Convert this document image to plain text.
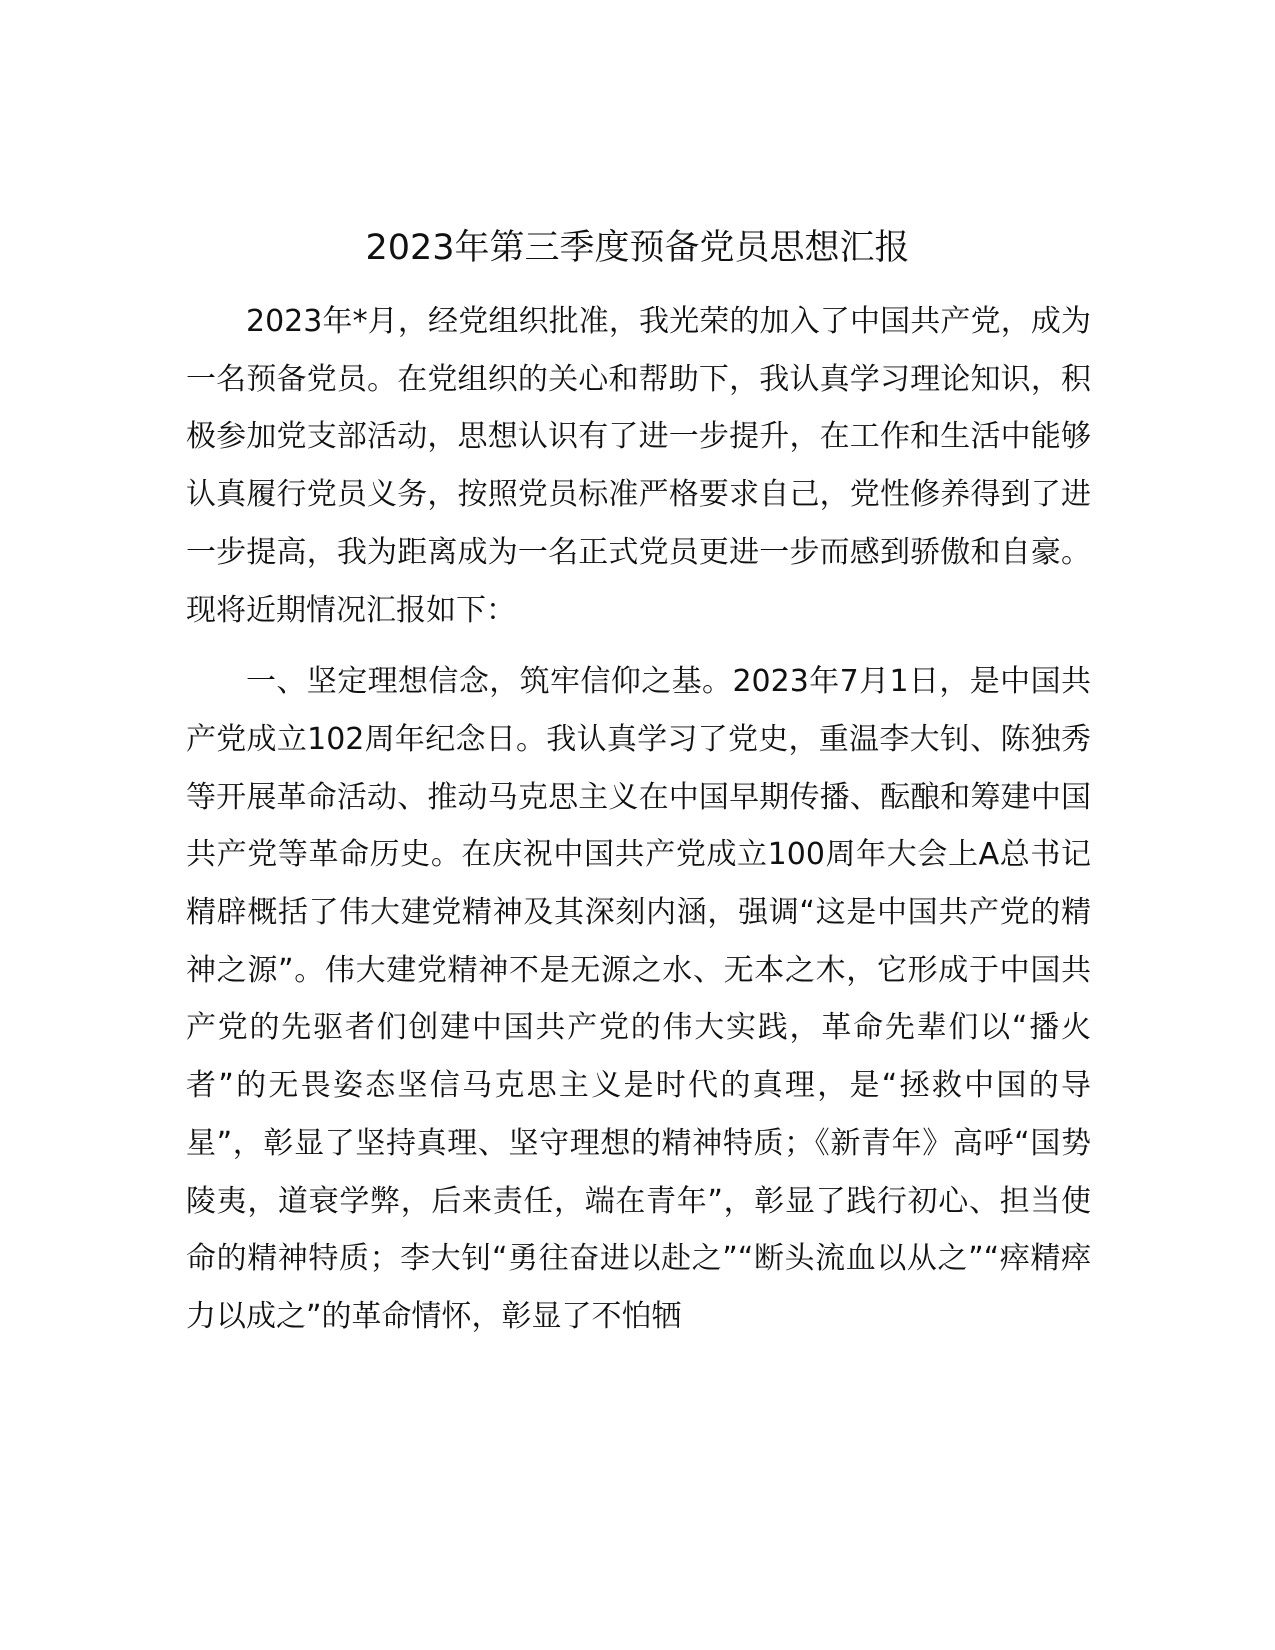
2023年第三季度预备党员思想汇报

2023年*月，经党组织批准，我光荣的加入了中国共产党，成为一名预备党员。在党组织的关心和帮助下，我认真学习理论知识，积极参加党支部活动，思想认识有了进一步提升，在工作和生活中能够认真履行党员义务，按照党员标准严格要求自己，党性修养得到了进一步提高，我为距离成为一名正式党员更进一步而感到骄傲和自豪。现将近期情况汇报如下：

一、坚定理想信念，筑牢信仰之基。2023年7月1日，是中国共产党成立102周年纪念日。我认真学习了党史，重温李大钊、陈独秀等开展革命活动、推动马克思主义在中国早期传播、酝酿和筹建中国共产党等革命历史。在庆祝中国共产党成立100周年大会上A总书记精辟概括了伟大建党精神及其深刻内涵，强调“这是中国共产党的精神之源”。伟大建党精神不是无源之水、无本之木，它形成于中国共产党的先驱者们创建中国共产党的伟大实践，革命先辈们以“播火者”的无畏姿态坚信马克思主义是时代的真理，是“拯救中国的导星”，彰显了坚持真理、坚守理想的精神特质；《新青年》高呼“国势陵夷，道衰学弊，后来责任，端在青年”，彰显了践行初心、担当使命的精神特质；李大钊“勇往奋进以赴之”“断头流血以从之”“瘁精瘁力以成之”的革命情怀，彰显了不怕牺
